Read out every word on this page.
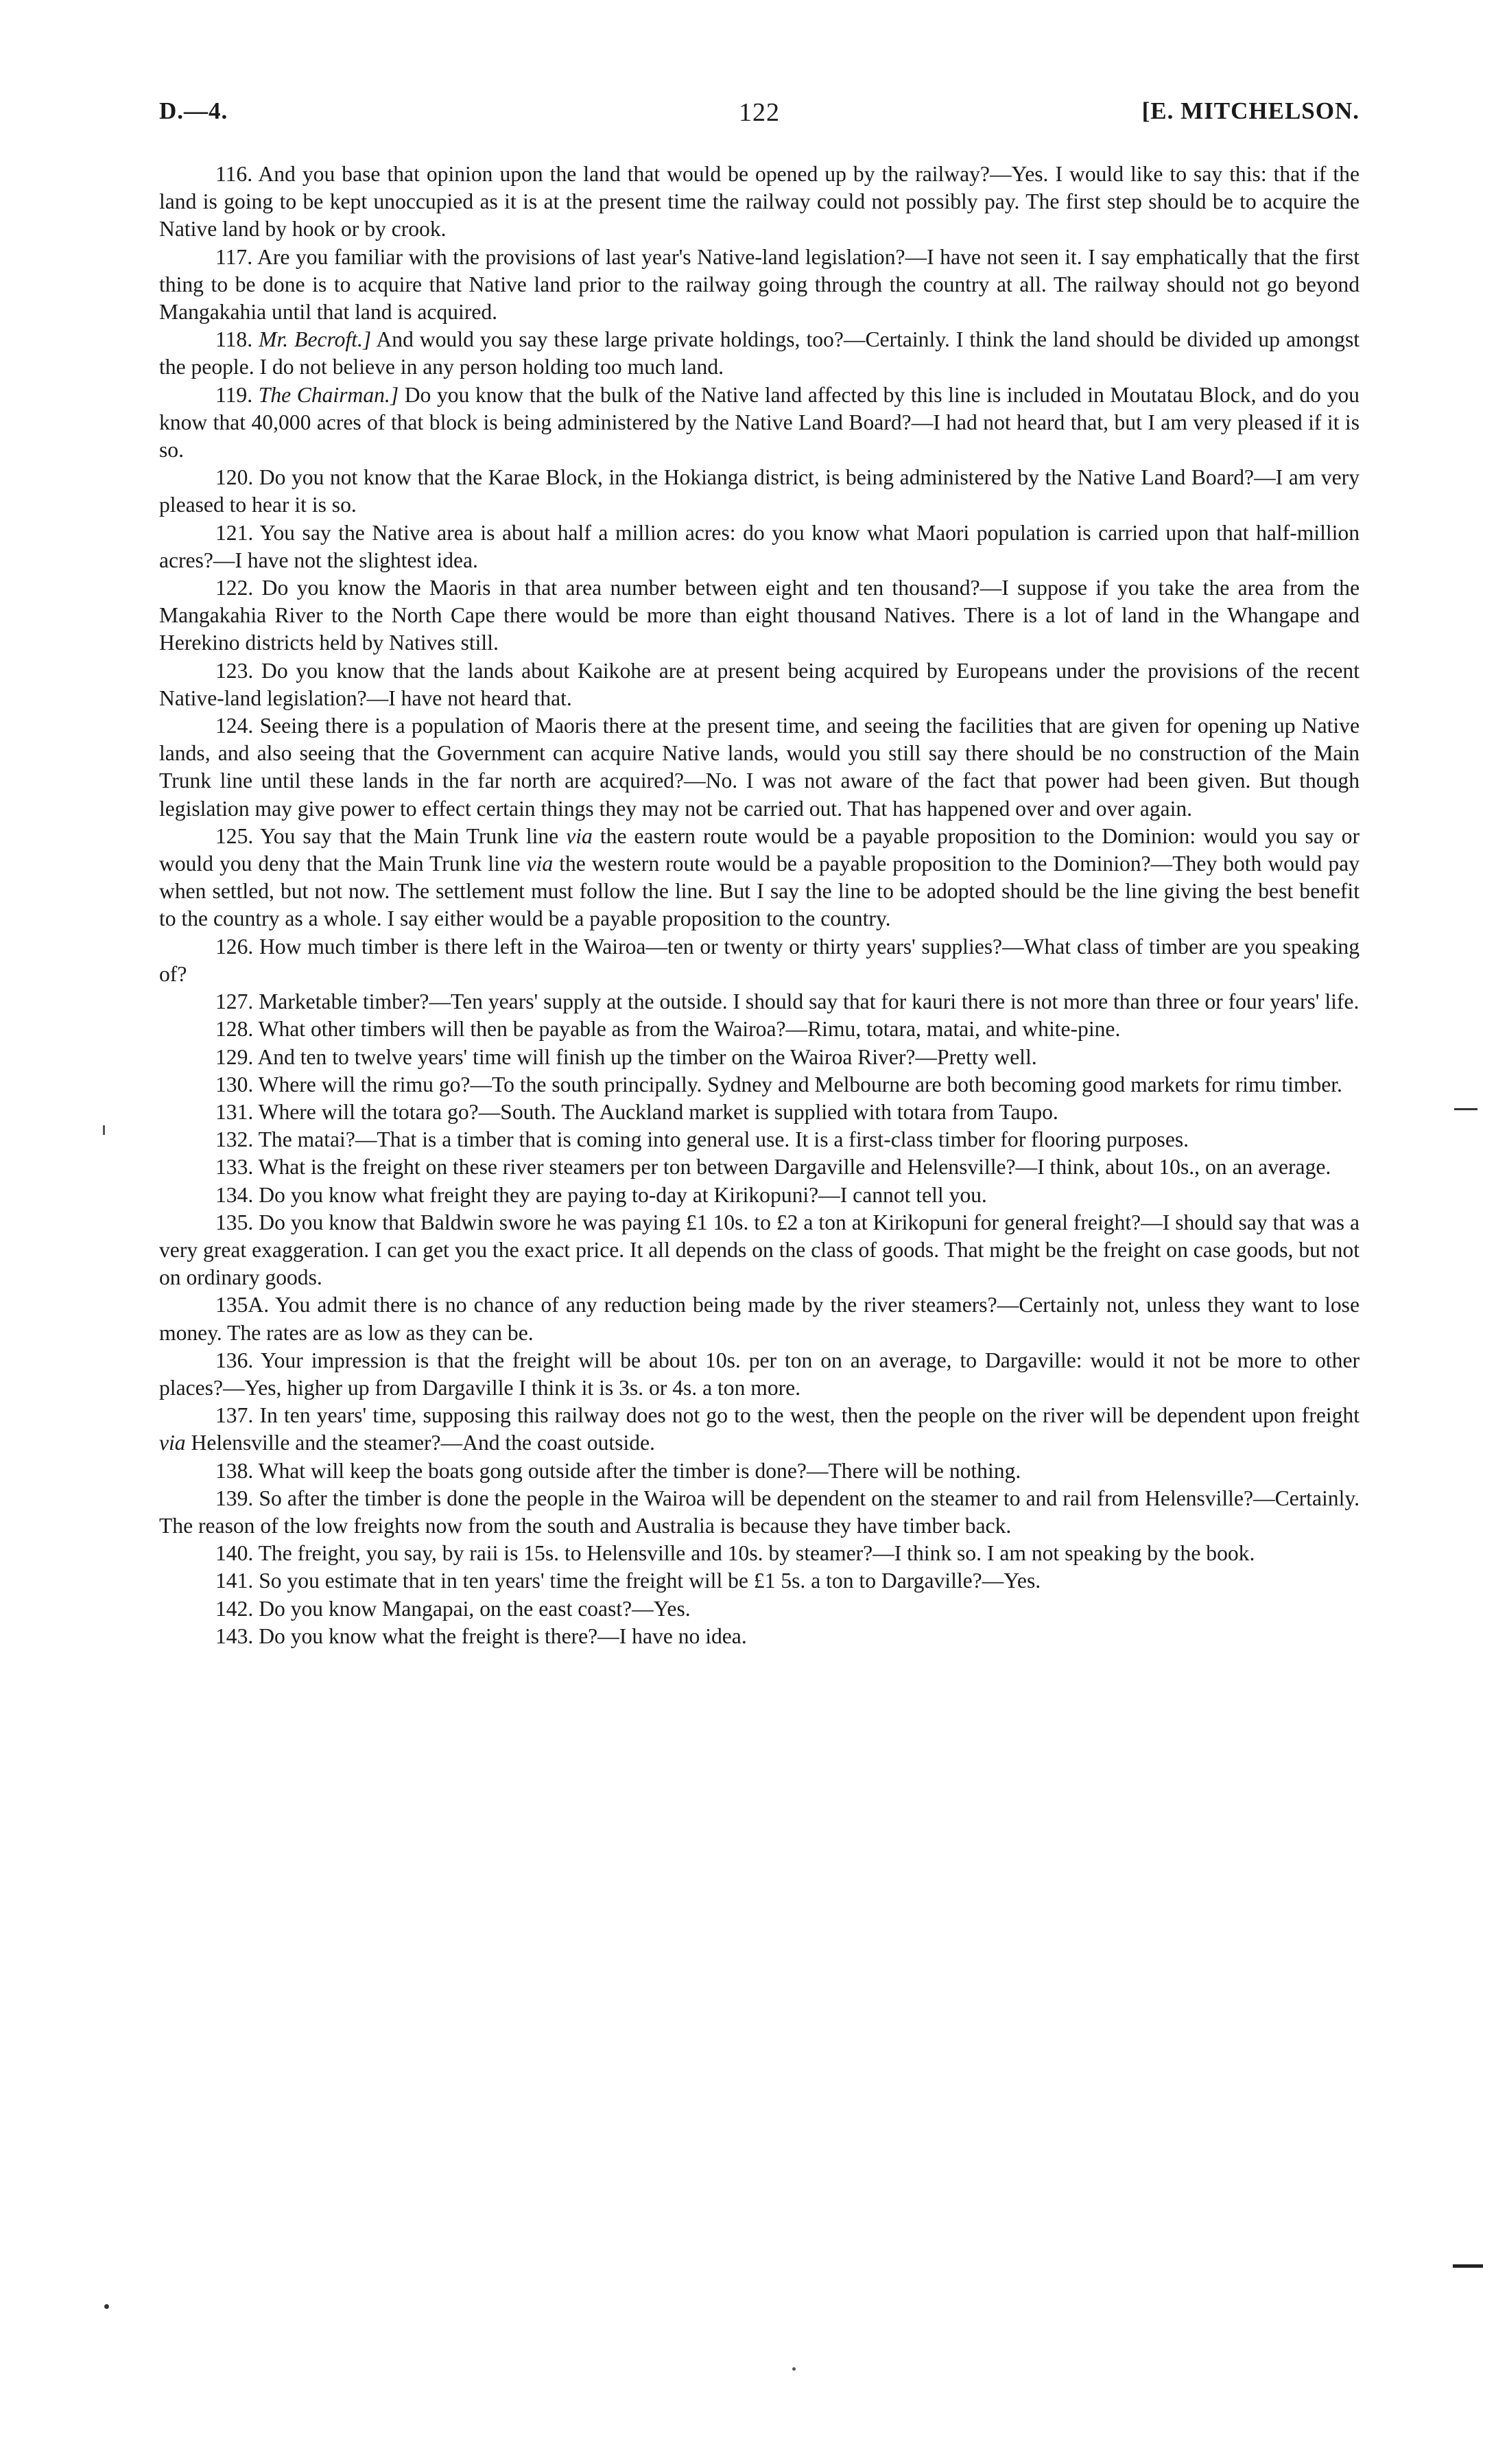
D.—4.	122	[E. MITCHELSON.

116. And you base that opinion upon the land that would be opened up by the railway?—Yes. I would like to say this: that if the land is going to be kept unoccupied as it is at the present time the railway could not possibly pay. The first step should be to acquire the Native land by hook or by crook.

117. Are you familiar with the provisions of last year's Native-land legislation?—I have not seen it. I say emphatically that the first thing to be done is to acquire that Native land prior to the railway going through the country at all. The railway should not go beyond Mangakahia until that land is acquired.

118. Mr. Becroft.] And would you say these large private holdings, too?—Certainly. I think the land should be divided up amongst the people. I do not believe in any person holding too much land.

119. The Chairman.] Do you know that the bulk of the Native land affected by this line is included in Moutatau Block, and do you know that 40,000 acres of that block is being administered by the Native Land Board?—I had not heard that, but I am very pleased if it is so.

120. Do you not know that the Karae Block, in the Hokianga district, is being administered by the Native Land Board?—I am very pleased to hear it is so.

121. You say the Native area is about half a million acres: do you know what Maori population is carried upon that half-million acres?—I have not the slightest idea.

122. Do you know the Maoris in that area number between eight and ten thousand?—I suppose if you take the area from the Mangakahia River to the North Cape there would be more than eight thousand Natives. There is a lot of land in the Whangape and Herekino districts held by Natives still.

123. Do you know that the lands about Kaikohe are at present being acquired by Europeans under the provisions of the recent Native-land legislation?—I have not heard that.

124. Seeing there is a population of Maoris there at the present time, and seeing the facilities that are given for opening up Native lands, and also seeing that the Government can acquire Native lands, would you still say there should be no construction of the Main Trunk line until these lands in the far north are acquired?—No. I was not aware of the fact that power had been given. But though legislation may give power to effect certain things they may not be carried out. That has happened over and over again.

125. You say that the Main Trunk line via the eastern route would be a payable proposition to the Dominion: would you say or would you deny that the Main Trunk line via the western route would be a payable proposition to the Dominion?—They both would pay when settled, but not now. The settlement must follow the line. But I say the line to be adopted should be the line giving the best benefit to the country as a whole. I say either would be a payable proposition to the country.

126. How much timber is there left in the Wairoa—ten or twenty or thirty years' supplies?—What class of timber are you speaking of?

127. Marketable timber?—Ten years' supply at the outside. I should say that for kauri there is not more than three or four years' life.

128. What other timbers will then be payable as from the Wairoa?—Rimu, totara, matai, and white-pine.

129. And ten to twelve years' time will finish up the timber on the Wairoa River?—Pretty well.

130. Where will the rimu go?—To the south principally. Sydney and Melbourne are both becoming good markets for rimu timber.

131. Where will the totara go?—South. The Auckland market is supplied with totara from Taupo.

132. The matai?—That is a timber that is coming into general use. It is a first-class timber for flooring purposes.

133. What is the freight on these river steamers per ton between Dargaville and Helensville?—I think, about 10s., on an average.

134. Do you know what freight they are paying to-day at Kirikopuni?—I cannot tell you.

135. Do you know that Baldwin swore he was paying £1 10s. to £2 a ton at Kirikopuni for general freight?—I should say that was a very great exaggeration. I can get you the exact price. It all depends on the class of goods. That might be the freight on case goods, but not on ordinary goods.

135A. You admit there is no chance of any reduction being made by the river steamers?—Certainly not, unless they want to lose money. The rates are as low as they can be.

136. Your impression is that the freight will be about 10s. per ton on an average, to Dargaville: would it not be more to other places?—Yes, higher up from Dargaville I think it is 3s. or 4s. a ton more.

137. In ten years' time, supposing this railway does not go to the west, then the people on the river will be dependent upon freight via Helensville and the steamer?—And the coast outside.

138. What will keep the boats gong outside after the timber is done?—There will be nothing.

139. So after the timber is done the people in the Wairoa will be dependent on the steamer to and rail from Helensville?—Certainly. The reason of the low freights now from the south and Australia is because they have timber back.

140. The freight, you say, by raii is 15s. to Helensville and 10s. by steamer?—I think so. I am not speaking by the book.

141. So you estimate that in ten years' time the freight will be £1 5s. a ton to Dargaville?—Yes.

142. Do you know Mangapai, on the east coast?—Yes.

143. Do you know what the freight is there?—I have no idea.
